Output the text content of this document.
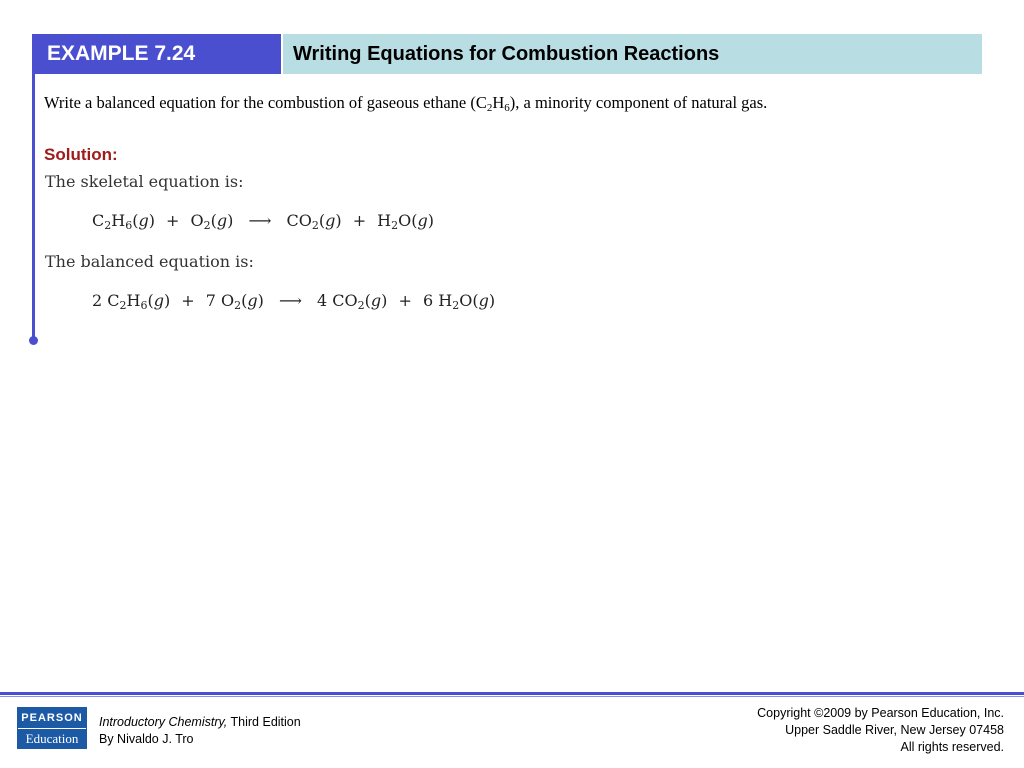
EXAMPLE 7.24	Writing Equations for Combustion Reactions
Write a balanced equation for the combustion of gaseous ethane $(C_2H_6)$, a minority component of natural gas.
Solution:
The skeletal equation is:
$C_2H_6(g) + O_2(g)$ ⟶ $CO_2(g) + H_2O(g)$
The balanced equation is:
2 $C_2H_6(g) + 7$ $O_2(g)$ ⟶ 4 $CO_2(g) + 6$ $H_2O(g)$
PEARSON
Education
Introductory Chemistry, Third Edition
By Nivaldo J. Tro
Copyright ©2009 by Pearson Education, Inc.
Upper Saddle River, New Jersey 07458
All rights reserved.
